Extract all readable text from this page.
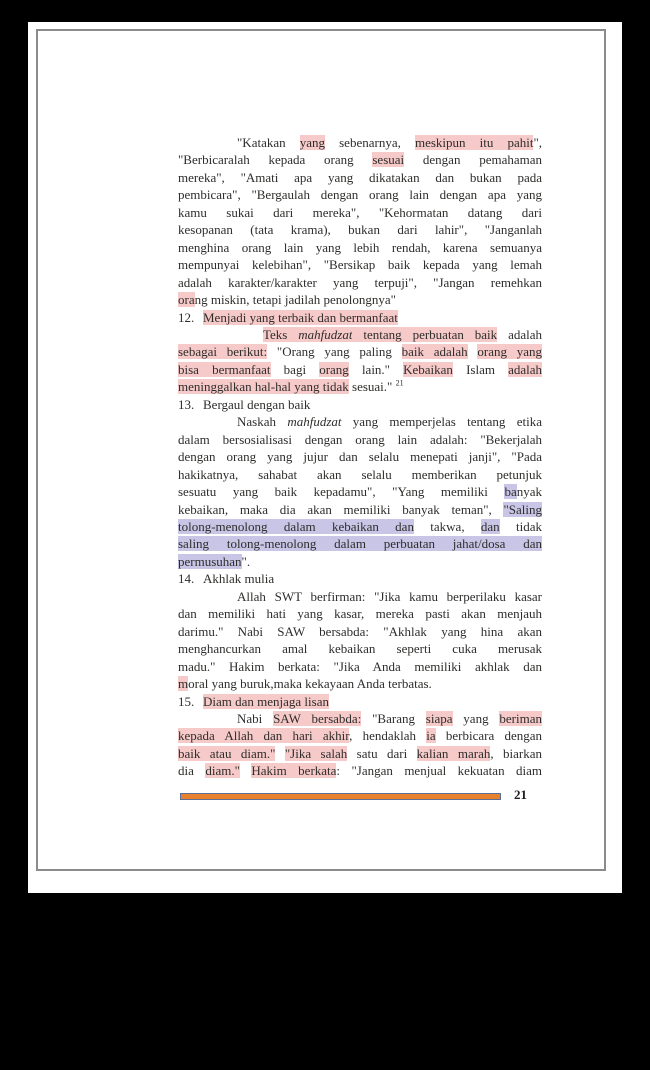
"Katakan yang sebenarnya, meskipun itu pahit",
"Berbicaralah kepada orang sesuai dengan pemahaman
mereka", "Amati apa yang dikatakan dan bukan pada
pembicara", "Bergaulah dengan orang lain dengan apa yang
kamu sukai dari mereka", "Kehormatan datang dari
kesopanan (tata krama), bukan dari lahir", "Janganlah
menghina orang lain yang lebih rendah, karena semuanya
mempunyai kelebihan", "Bersikap baik kepada yang lemah
adalah karakter/karakter yang terpuji", "Jangan remehkan
orang miskin, tetapi jadilah penolongnya"
12. Menjadi yang terbaik dan bermanfaat
Teks mahfudzat tentang perbuatan baik adalah
sebagai berikut: "Orang yang paling baik adalah orang yang
bisa bermanfaat bagi orang lain." Kebaikan Islam adalah
meninggalkan hal-hal yang tidak sesuai." $^{21}$
13. Bergaul dengan baik
Naskah mahfudzat yang memperjelas tentang etika
dalam bersosialisasi dengan orang lain adalah: "Bekerjalah
dengan orang yang jujur dan selalu menepati janji", "Pada
hakikatnya, sahabat akan selalu memberikan petunjuk
sesuatu yang baik kepadamu", "Yang memiliki banyak
kebaikan, maka dia akan memiliki banyak teman", "Saling
tolong-menolong dalam kebaikan dan takwa, dan tidak
saling tolong-menolong dalam perbuatan jahat/dosa dan
permusuhan".
14. Akhlak mulia
Allah SWT berfirman: "Jika kamu berperilaku kasar
dan memiliki hati yang kasar, mereka pasti akan menjauh
darimu." Nabi SAW bersabda: "Akhlak yang hina akan
menghancurkan amal kebaikan seperti cuka merusak
madu." Hakim berkata: "Jika Anda memiliki akhlak dan
moral yang buruk,maka kekayaan Anda terbatas.
15. Diam dan menjaga lisan
Nabi SAW bersabda: "Barang siapa yang beriman
kepada Allah dan hari akhir, hendaklah ia berbicara dengan
baik atau diam." "Jika salah satu dari kalian marah, biarkan
dia diam." Hakim berkata: "Jangan menjual kekuatan diam
21
